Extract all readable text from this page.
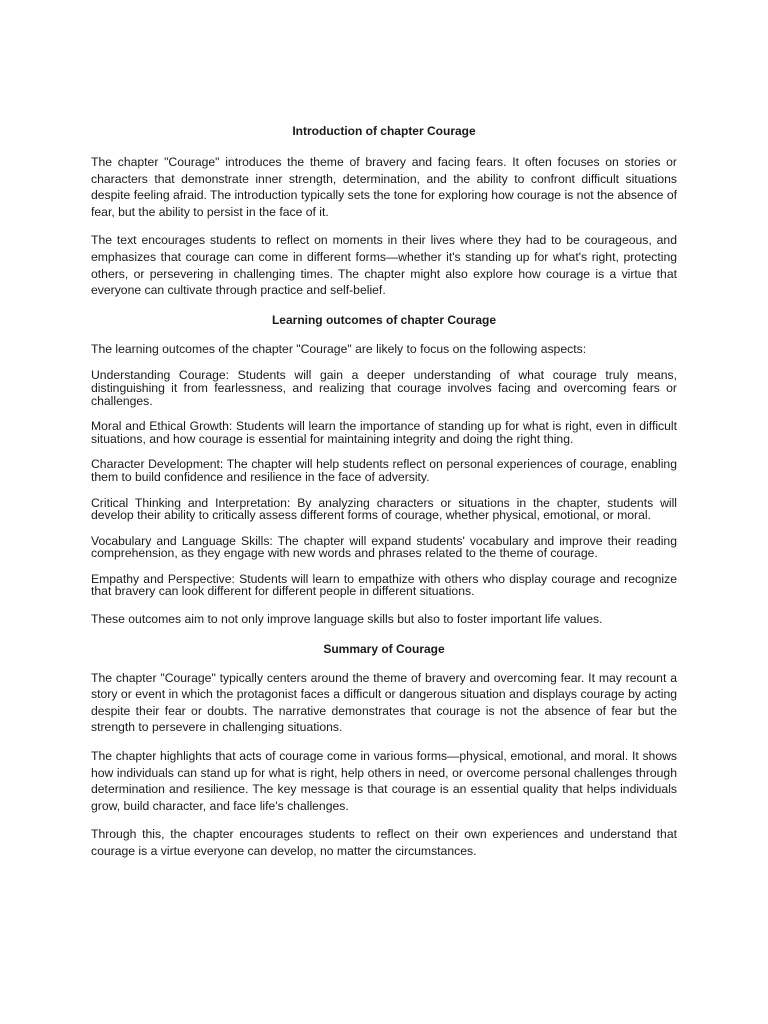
Introduction of chapter Courage

The chapter "Courage" introduces the theme of bravery and facing fears. It often focuses on stories or characters that demonstrate inner strength, determination, and the ability to confront difficult situations despite feeling afraid. The introduction typically sets the tone for exploring how courage is not the absence of fear, but the ability to persist in the face of it.

The text encourages students to reflect on moments in their lives where they had to be courageous, and emphasizes that courage can come in different forms—whether it's standing up for what's right, protecting others, or persevering in challenging times. The chapter might also explore how courage is a virtue that everyone can cultivate through practice and self-belief.

Learning outcomes of chapter Courage

The learning outcomes of the chapter "Courage" are likely to focus on the following aspects:

Understanding Courage: Students will gain a deeper understanding of what courage truly means, distinguishing it from fearlessness, and realizing that courage involves facing and overcoming fears or challenges.

Moral and Ethical Growth: Students will learn the importance of standing up for what is right, even in difficult situations, and how courage is essential for maintaining integrity and doing the right thing.

Character Development: The chapter will help students reflect on personal experiences of courage, enabling them to build confidence and resilience in the face of adversity.

Critical Thinking and Interpretation: By analyzing characters or situations in the chapter, students will develop their ability to critically assess different forms of courage, whether physical, emotional, or moral.

Vocabulary and Language Skills: The chapter will expand students' vocabulary and improve their reading comprehension, as they engage with new words and phrases related to the theme of courage.

Empathy and Perspective: Students will learn to empathize with others who display courage and recognize that bravery can look different for different people in different situations.

These outcomes aim to not only improve language skills but also to foster important life values.

Summary of Courage

The chapter "Courage" typically centers around the theme of bravery and overcoming fear. It may recount a story or event in which the protagonist faces a difficult or dangerous situation and displays courage by acting despite their fear or doubts. The narrative demonstrates that courage is not the absence of fear but the strength to persevere in challenging situations.

The chapter highlights that acts of courage come in various forms—physical, emotional, and moral. It shows how individuals can stand up for what is right, help others in need, or overcome personal challenges through determination and resilience. The key message is that courage is an essential quality that helps individuals grow, build character, and face life's challenges.

Through this, the chapter encourages students to reflect on their own experiences and understand that courage is a virtue everyone can develop, no matter the circumstances.
